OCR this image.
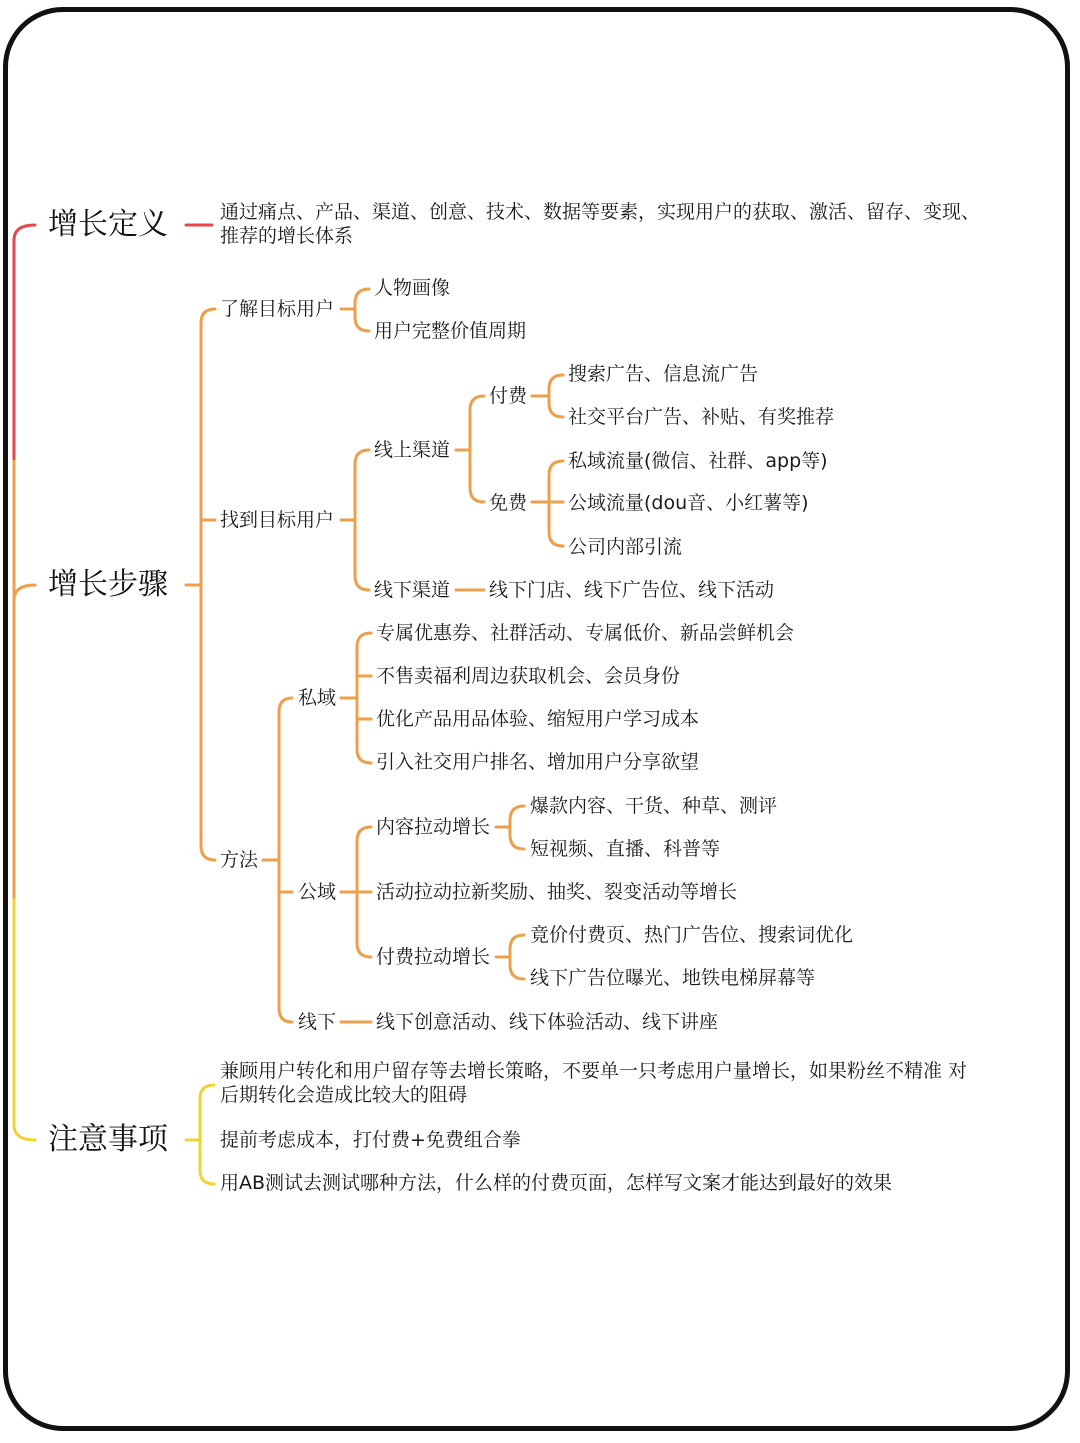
增长定义
增长步骤
注意事项
通过痛点、产品、渠道、创意、技术、数据等要素，实现用户的获取、激活、留存、变现、推荐的增长体系
了解目标用户
人物画像
用户完整价值周期
找到目标用户
线上渠道
付费
搜索广告、信息流广告
社交平台广告、补贴、有奖推荐
免费
私域流量(微信、社群、app等)
公域流量(dou音、小红薯等)
公司内部引流
线下渠道 线下门店、线下广告位、线下活动
方法
私域
专属优惠券、社群活动、专属低价、新品尝鲜机会
不售卖福利周边获取机会、会员身份
优化产品用品体验、缩短用户学习成本
引入社交用户排名、增加用户分享欲望
公域
内容拉动增长
爆款内容、干货、种草、测评
短视频、直播、科普等
活动拉动拉新奖励、抽奖、裂变活动等增长
付费拉动增长
竟价付费页、热门广告位、搜索词优化
线下广告位曝光、地铁电梯屏幕等
线下 线下创意活动、线下体验活动、线下讲座
兼顾用户转化和用户留存等去增长策略，不要单一只考虑用户量增长，如果粉丝不精准 对后期转化会造成比较大的阻碍
提前考虑成本，打付费+免费组合拳
用AB测试去测试哪种方法，什么样的付费页面，怎样写文案才能达到最好的效果
